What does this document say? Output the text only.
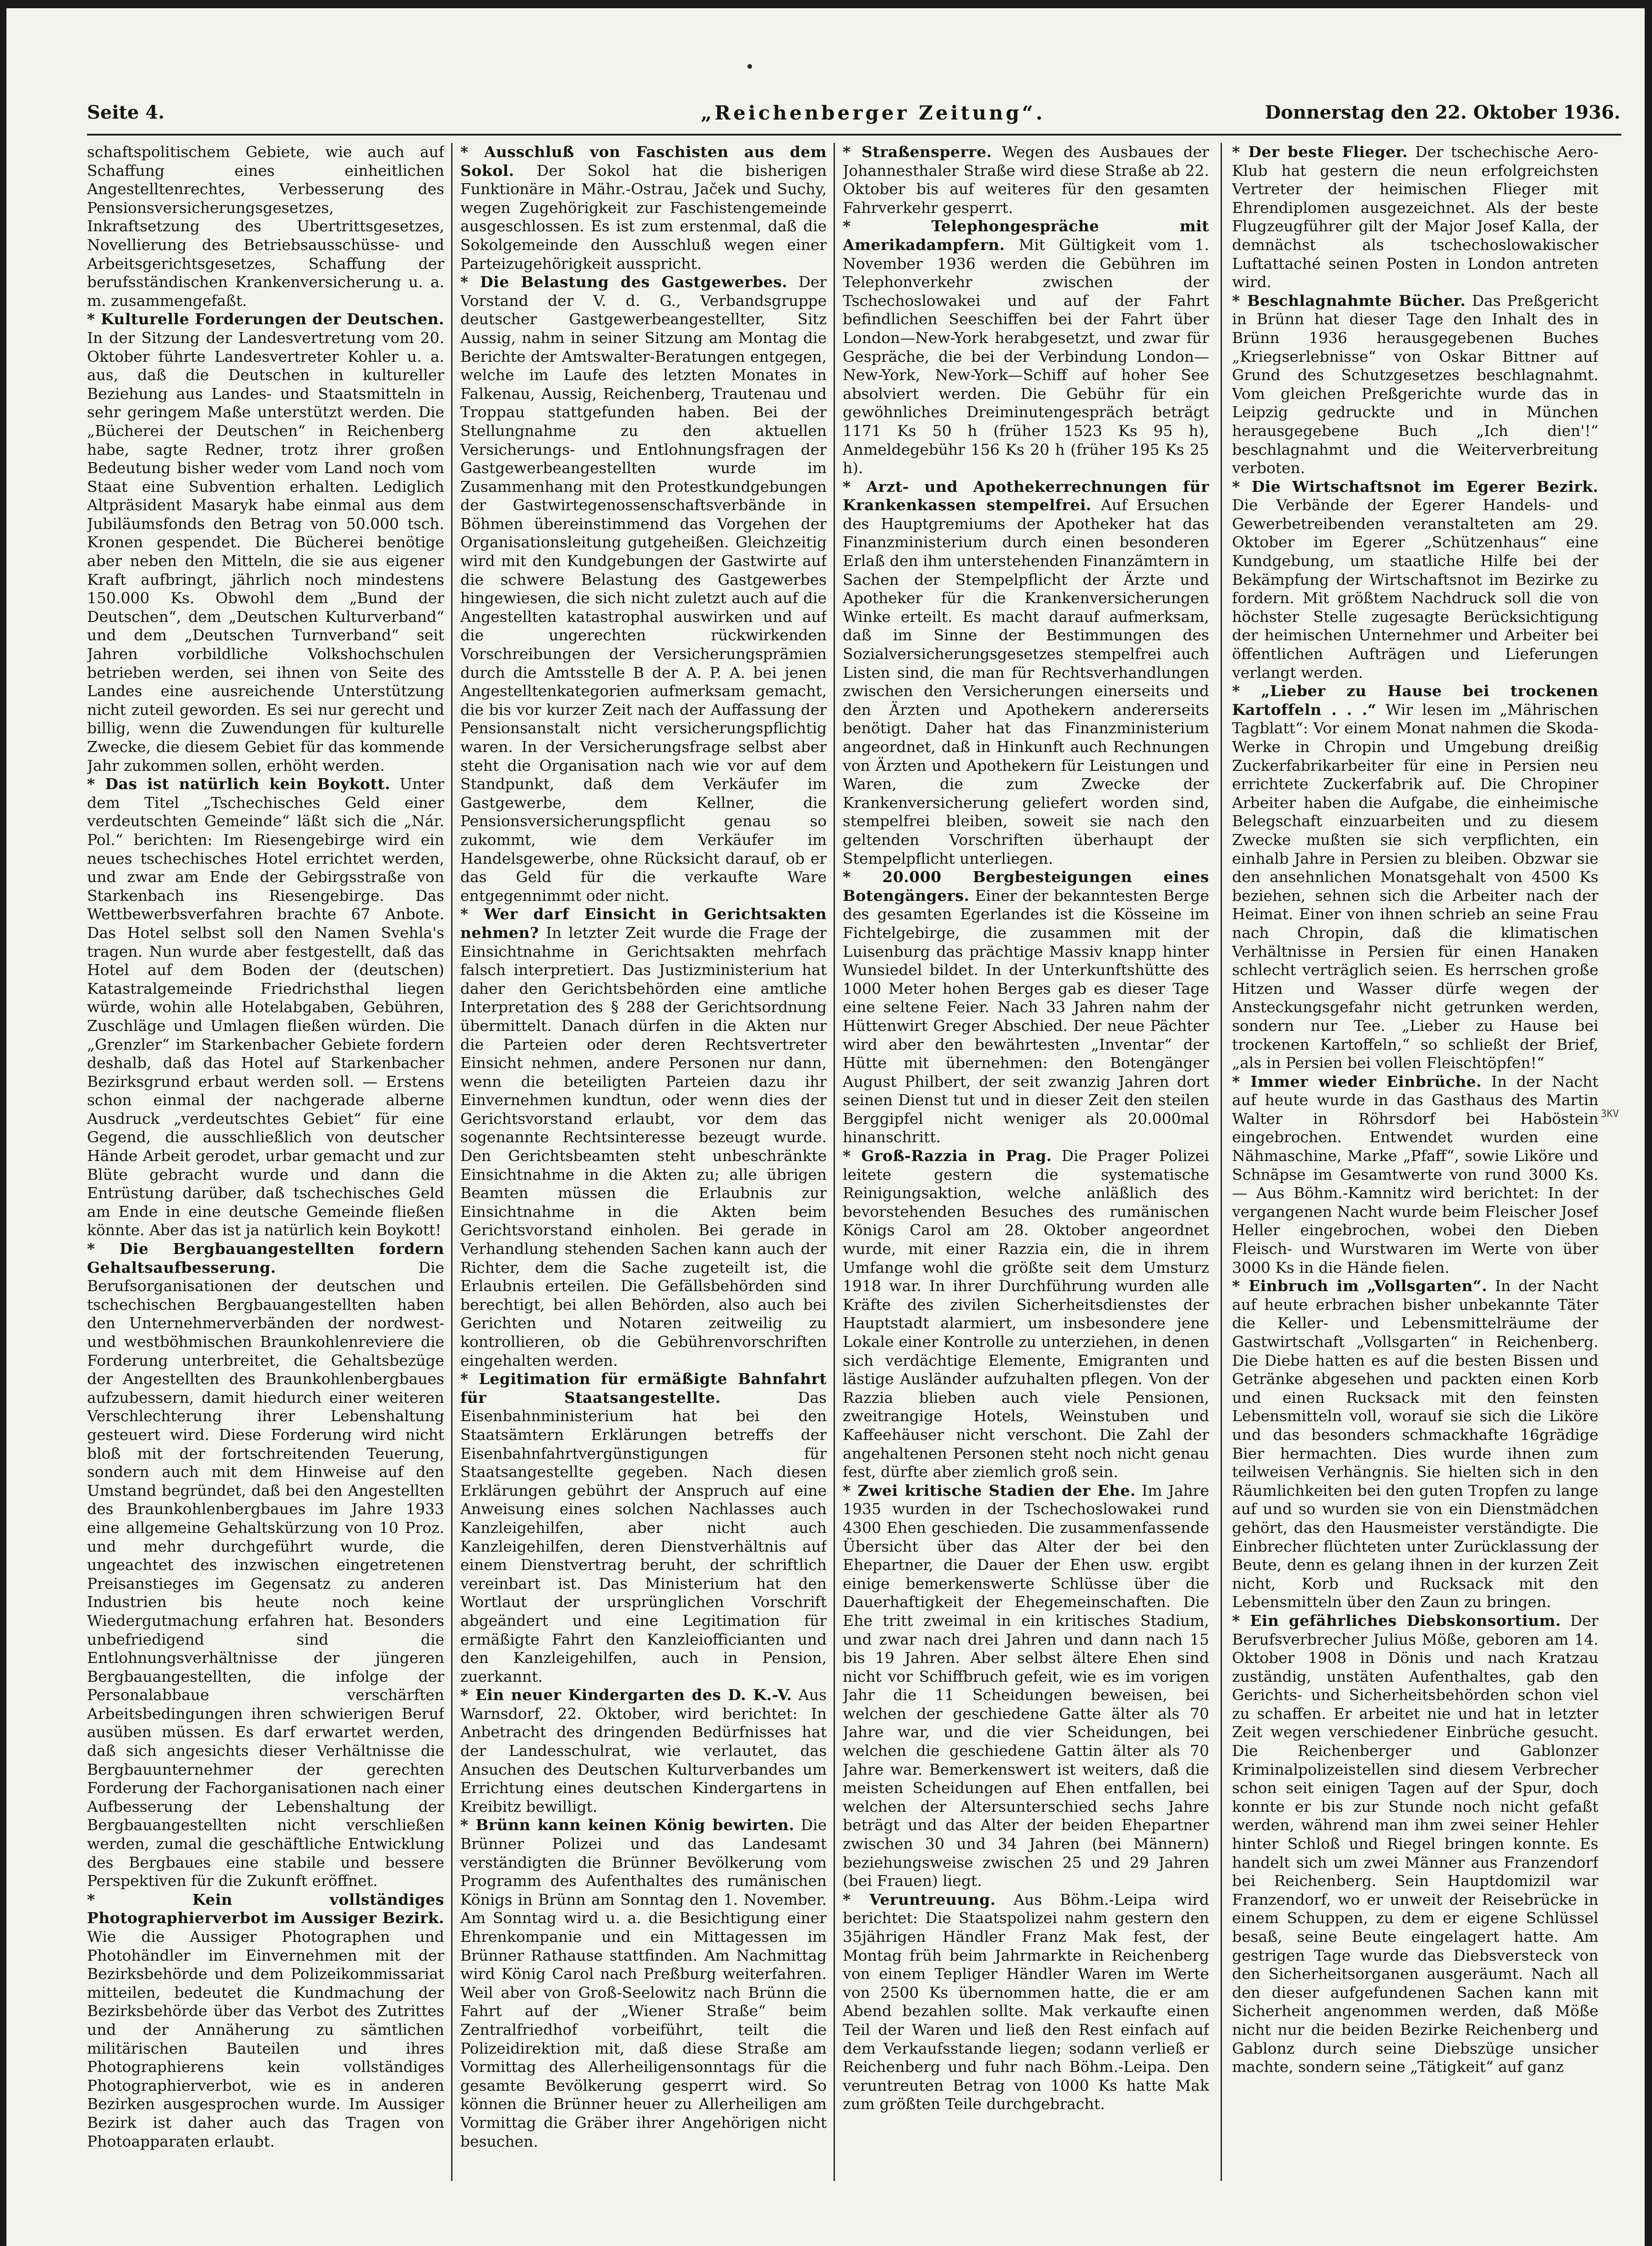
Seite 4.	„Reichenberger Zeitung“.	Donnerstag den 22. Oktober 1936.

schaftspolitischem Gebiete, wie auch auf Schaffung eines einheitlichen Angestelltenrechtes, Verbesserung des Pensionsversicherungsgesetzes, Inkraftsetzung des Ubertrittsgesetzes, Novellierung des Betriebsausschüsse- und Arbeitsgerichtsgesetzes, Schaffung der berufsständischen Krankenversicherung u. a. m. zusammengefaßt.

* Kulturelle Forderungen der Deutschen. In der Sitzung der Landesvertretung vom 20. Oktober führte Landesvertreter Kohler u. a. aus, daß die Deutschen in kultureller Beziehung aus Landes- und Staatsmitteln in sehr geringem Maße unterstützt werden. Die „Bücherei der Deutschen“ in Reichenberg habe, sagte Redner, trotz ihrer großen Bedeutung bisher weder vom Land noch vom Staat eine Subvention erhalten. Lediglich Altpräsident Masaryk habe einmal aus dem Jubiläumsfonds den Betrag von 50.000 tsch. Kronen gespendet. Die Bücherei benötige aber neben den Mitteln, die sie aus eigener Kraft aufbringt, jährlich noch mindestens 150.000 Ks. Obwohl dem „Bund der Deutschen“, dem „Deutschen Kulturverband“ und dem „Deutschen Turnverband“ seit Jahren vorbildliche Volkshochschulen betrieben werden, sei ihnen von Seite des Landes eine ausreichende Unterstützung nicht zuteil geworden. Es sei nur gerecht und billig, wenn die Zuwendungen für kulturelle Zwecke, die diesem Gebiet für das kommende Jahr zukommen sollen, erhöht werden.

* Das ist natürlich kein Boykott. Unter dem Titel „Tschechisches Geld einer verdeutschten Gemeinde“ läßt sich die „Nár. Pol.“ berichten: Im Riesengebirge wird ein neues tschechisches Hotel errichtet werden, und zwar am Ende der Gebirgsstraße von Starkenbach ins Riesengebirge. Das Wettbewerbsverfahren brachte 67 Anbote. Das Hotel selbst soll den Namen Svehla's tragen. Nun wurde aber festgestellt, daß das Hotel auf dem Boden der (deutschen) Katastralgemeinde Friedrichsthal liegen würde, wohin alle Hotelabgaben, Gebühren, Zuschläge und Umlagen fließen würden. Die „Grenzler“ im Starkenbacher Gebiete fordern deshalb, daß das Hotel auf Starkenbacher Bezirksgrund erbaut werden soll. — Erstens schon einmal der nachgerade alberne Ausdruck „verdeutschtes Gebiet“ für eine Gegend, die ausschließlich von deutscher Hände Arbeit gerodet, urbar gemacht und zur Blüte gebracht wurde und dann die Entrüstung darüber, daß tschechisches Geld am Ende in eine deutsche Gemeinde fließen könnte. Aber das ist ja natürlich kein Boykott!

* Die Bergbauangestellten fordern Gehaltsaufbesserung.	Die Berufsorganisationen der deutschen und tschechischen Bergbauangestellten haben den Unternehmerverbänden der nordwest- und westböhmischen Braunkohlenreviere die Forderung unterbreitet, die Gehaltsbezüge der Angestellten des Braunkohlenbergbaues aufzubessern, damit hiedurch einer weiteren Verschlechterung ihrer Lebenshaltung gesteuert wird. Diese Forderung wird nicht bloß mit der fortschreitenden Teuerung, sondern auch mit dem Hinweise auf den Umstand begründet, daß bei den Angestellten des Braunkohlenbergbaues im Jahre 1933 eine allgemeine Gehaltskürzung von 10 Proz. und mehr durchgeführt wurde, die ungeachtet des inzwischen eingetretenen Preisanstieges im Gegensatz zu anderen Industrien bis heute noch keine Wiedergutmachung erfahren hat. Besonders unbefriedigend sind die Entlohnungsverhältnisse der jüngeren Bergbauangestellten, die infolge der Personalabbaue verschärften Arbeitsbedingungen ihren schwierigen Beruf ausüben müssen. Es darf erwartet werden, daß sich angesichts dieser Verhältnisse die Bergbauunternehmer der gerechten Forderung der Fachorganisationen nach einer Aufbesserung der Lebenshaltung der Bergbauangestellten nicht verschließen werden, zumal die geschäftliche Entwicklung des Bergbaues eine stabile und bessere Perspektiven für die Zukunft eröffnet.

* Kein vollständiges Photographierverbot im Aussiger Bezirk. Wie die Aussiger Photographen und Photohändler im Einvernehmen mit der Bezirksbehörde und dem Polizeikommissariat mitteilen, bedeutet die Kundmachung der Bezirksbehörde über das Verbot des Zutrittes und der Annäherung zu sämtlichen militärischen Bauteilen und ihres Photographierens kein vollständiges Photographierverbot, wie es in anderen Bezirken ausgesprochen wurde. Im Aussiger Bezirk ist daher auch das Tragen von Photoapparaten erlaubt.

* Ausschluß von Faschisten aus dem Sokol. Der Sokol hat die bisherigen Funktionäre in Mähr.-Ostrau, Jaček und Suchy, wegen Zugehörigkeit zur Faschistengemeinde ausgeschlossen. Es ist zum erstenmal, daß die Sokolgemeinde den Ausschluß wegen einer Parteizugehörigkeit ausspricht.

* Die Belastung des Gastgewerbes. Der Vorstand der V. d. G., Verbandsgruppe deutscher Gastgewerbeangestellter, Sitz Aussig, nahm in seiner Sitzung am Montag die Berichte der Amtswalter-Beratungen entgegen, welche im Laufe des letzten Monates in Falkenau, Aussig, Reichenberg, Trautenau und Troppau stattgefunden haben. Bei der Stellungnahme zu den aktuellen Versicherungs- und Entlohnungsfragen der Gastgewerbeangestellten wurde im Zusammenhang mit den Protestkundgebungen der Gastwirtegenossenschaftsverbände in Böhmen übereinstimmend das Vorgehen der Organisationsleitung gutgeheißen. Gleichzeitig wird mit den Kundgebungen der Gastwirte auf die schwere Belastung des Gastgewerbes hingewiesen, die sich nicht zuletzt auch auf die Angestellten katastrophal auswirken und auf die ungerechten rückwirkenden Vorschreibungen der Versicherungsprämien durch die Amtsstelle B der A. P. A. bei jenen Angestelltenkategorien aufmerksam gemacht, die bis vor kurzer Zeit nach der Auffassung der Pensionsanstalt nicht versicherungspflichtig waren. In der Versicherungsfrage selbst aber steht die Organisation nach wie vor auf dem Standpunkt, daß dem Verkäufer im Gastgewerbe, dem Kellner, die Pensionsversicherungspflicht genau so zukommt, wie dem Verkäufer im Handelsgewerbe, ohne Rücksicht darauf, ob er das Geld für die verkaufte Ware entgegennimmt oder nicht.

* Wer darf Einsicht in Gerichtsakten nehmen? In letzter Zeit wurde die Frage der Einsichtnahme in Gerichtsakten mehrfach falsch interpretiert. Das Justizministerium hat daher den Gerichtsbehörden eine amtliche Interpretation des § 288 der Gerichtsordnung übermittelt. Danach dürfen in die Akten nur die Parteien oder deren Rechtsvertreter Einsicht nehmen, andere Personen nur dann, wenn die beteiligten Parteien dazu ihr Einvernehmen kundtun, oder wenn dies der Gerichtsvorstand erlaubt, vor dem das sogenannte Rechtsinteresse bezeugt wurde. Den Gerichtsbeamten steht unbeschränkte Einsichtnahme in die Akten zu; alle übrigen Beamten müssen die Erlaubnis zur Einsichtnahme in die Akten beim Gerichtsvorstand einholen. Bei gerade in Verhandlung stehenden Sachen kann auch der Richter, dem die Sache zugeteilt ist, die Erlaubnis erteilen. Die Gefällsbehörden sind berechtigt, bei allen Behörden, also auch bei Gerichten und Notaren zeitweilig zu kontrollieren, ob die Gebührenvorschriften eingehalten werden.

* Legitimation für ermäßigte Bahnfahrt für Staatsangestellte.	Das Eisenbahnministerium hat bei den Staatsämtern Erklärungen betreffs der Eisenbahnfahrtvergünstigungen für Staatsangestellte gegeben. Nach diesen Erklärungen gebührt der Anspruch auf eine Anweisung eines solchen Nachlasses auch Kanzleigehilfen, aber nicht auch Kanzleigehilfen, deren Dienstverhältnis auf einem Dienstvertrag beruht, der schriftlich vereinbart ist. Das Ministerium hat den Wortlaut der ursprünglichen Vorschrift abgeändert und eine Legitimation für ermäßigte Fahrt den Kanzleiofficianten und den Kanzleigehilfen, auch in Pension, zuerkannt.

* Ein neuer Kindergarten des D. K.-V. Aus Warnsdorf, 22. Oktober, wird berichtet: In Anbetracht des dringenden Bedürfnisses hat der Landesschulrat, wie verlautet, das Ansuchen des Deutschen Kulturverbandes um Errichtung eines deutschen Kindergartens in Kreibitz bewilligt.

* Brünn kann keinen König bewirten. Die Brünner Polizei und das Landesamt verständigten die Brünner Bevölkerung vom Programm des Aufenthaltes des rumänischen Königs in Brünn am Sonntag den 1. November. Am Sonntag wird u. a. die Besichtigung einer Ehrenkompanie und ein Mittagessen im Brünner Rathause stattfinden. Am Nachmittag wird König Carol nach Preßburg weiterfahren. Weil aber von Groß-Seelowitz nach Brünn die Fahrt auf der „Wiener Straße“ beim Zentralfriedhof vorbeiführt, teilt die Polizeidirektion mit, daß diese Straße am Vormittag des Allerheiligensonntags für die gesamte Bevölkerung gesperrt wird. So können die Brünner heuer zu Allerheiligen am Vormittag die Gräber ihrer Angehörigen nicht besuchen.

* Straßensperre. Wegen des Ausbaues der Johannesthaler Straße wird diese Straße ab 22. Oktober bis auf weiteres für den gesamten Fahrverkehr gesperrt.

* Telephongespräche mit Amerikadampfern. Mit Gültigkeit vom 1. November 1936 werden die Gebühren im Telephonverkehr zwischen der Tschechoslowakei und auf der Fahrt befindlichen Seeschiffen bei der Fahrt über London—New-York herabgesetzt, und zwar für Gespräche, die bei der Verbindung London—New-York, New-York—Schiff auf hoher See absolviert werden. Die Gebühr für ein gewöhnliches Dreiminutengespräch beträgt 1171 Ks 50 h (früher 1523 Ks 95 h), Anmeldegebühr 156 Ks 20 h (früher 195 Ks 25 h).

* Arzt- und Apothekerrechnungen für Krankenkassen stempelfrei. Auf Ersuchen des Hauptgremiums der Apotheker hat das Finanzministerium durch einen besonderen Erlaß den ihm unterstehenden Finanzämtern in Sachen der Stempelpflicht der Ärzte und Apotheker für die Krankenversicherungen Winke erteilt. Es macht darauf aufmerksam, daß im Sinne der Bestimmungen des Sozialversicherungsgesetzes stempelfrei auch Listen sind, die man für Rechtsverhandlungen zwischen den Versicherungen einerseits und den Ärzten und Apothekern andererseits benötigt. Daher hat das Finanzministerium angeordnet, daß in Hinkunft auch Rechnungen von Ärzten und Apothekern für Leistungen und Waren, die zum Zwecke der Krankenversicherung geliefert worden sind, stempelfrei bleiben, soweit sie nach den geltenden Vorschriften überhaupt der Stempelpflicht unterliegen.

* 20.000 Bergbesteigungen eines Botengängers. Einer der bekanntesten Berge des gesamten Egerlandes ist die Kösseine im Fichtelgebirge, die zusammen mit der Luisenburg das prächtige Massiv knapp hinter Wunsiedel bildet. In der Unterkunftshütte des 1000 Meter hohen Berges gab es dieser Tage eine seltene Feier. Nach 33 Jahren nahm der Hüttenwirt Greger Abschied. Der neue Pächter wird aber den bewährtesten „Inventar“ der Hütte mit übernehmen: den Botengänger August Philbert, der seit zwanzig Jahren dort seinen Dienst tut und in dieser Zeit den steilen Berggipfel nicht weniger als 20.000mal hinanschritt.

* Groß-Razzia in Prag. Die Prager Polizei leitete gestern die systematische Reinigungsaktion, welche anläßlich des bevorstehenden Besuches des rumänischen Königs Carol am 28. Oktober angeordnet wurde, mit einer Razzia ein, die in ihrem Umfange wohl die größte seit dem Umsturz 1918 war. In ihrer Durchführung wurden alle Kräfte des zivilen Sicherheitsdienstes der Hauptstadt alarmiert, um insbesondere jene Lokale einer Kontrolle zu unterziehen, in denen sich verdächtige Elemente, Emigranten und lästige Ausländer aufzuhalten pflegen. Von der Razzia blieben auch viele Pensionen, zweitrangige Hotels, Weinstuben und Kaffeehäuser nicht verschont. Die Zahl der angehaltenen Personen steht noch nicht genau fest, dürfte aber ziemlich groß sein.

* Zwei kritische Stadien der Ehe. Im Jahre 1935 wurden in der Tschechoslowakei rund 4300 Ehen geschieden. Die zusammenfassende Übersicht über das Alter der bei den Ehepartner, die Dauer der Ehen usw. ergibt einige bemerkenswerte Schlüsse über die Dauerhaftigkeit der Ehegemeinschaften. Die Ehe tritt zweimal in ein kritisches Stadium, und zwar nach drei Jahren und dann nach 15 bis 19 Jahren. Aber selbst ältere Ehen sind nicht vor Schiffbruch gefeit, wie es im vorigen Jahr die 11 Scheidungen beweisen, bei welchen der geschiedene Gatte älter als 70 Jahre war, und die vier Scheidungen, bei welchen die geschiedene Gattin älter als 70 Jahre war. Bemerkenswert ist weiters, daß die meisten Scheidungen auf Ehen entfallen, bei welchen der Altersunterschied sechs Jahre beträgt und das Alter der beiden Ehepartner zwischen 30 und 34 Jahren (bei Männern) beziehungsweise zwischen 25 und 29 Jahren (bei Frauen) liegt.

* Veruntreuung. Aus Böhm.-Leipa wird berichtet: Die Staatspolizei nahm gestern den 35jährigen Händler Franz Mak fest, der Montag früh beim Jahrmarkte in Reichenberg von einem Tepliger Händler Waren im Werte von 2500 Ks übernommen hatte, die er am Abend bezahlen sollte. Mak verkaufte einen Teil der Waren und ließ den Rest einfach auf dem Verkaufsstande liegen; sodann verließ er Reichenberg und fuhr nach Böhm.-Leipa. Den veruntreuten Betrag von 1000 Ks hatte Mak zum größten Teile durchgebracht.

* Der beste Flieger. Der tschechische Aero-Klub hat gestern die neun erfolgreichsten Vertreter der heimischen Flieger mit Ehrendiplomen ausgezeichnet. Als der beste Flugzeugführer gilt der Major Josef Kalla, der demnächst als tschechoslowakischer Luftattaché seinen Posten in London antreten wird.

* Beschlagnahmte Bücher. Das Preßgericht in Brünn hat dieser Tage den Inhalt des in Brünn 1936 herausgegebenen Buches „Kriegserlebnisse“ von Oskar Bittner auf Grund des Schutzgesetzes beschlagnahmt. Vom gleichen Preßgerichte wurde das in Leipzig gedruckte und in München herausgegebene Buch „Ich dien'!“ beschlagnahmt und die Weiterverbreitung verboten.

* Die Wirtschaftsnot im Egerer Bezirk. Die Verbände der Egerer Handels- und Gewerbetreibenden veranstalteten am 29. Oktober im Egerer „Schützenhaus“ eine Kundgebung, um staatliche Hilfe bei der Bekämpfung der Wirtschaftsnot im Bezirke zu fordern. Mit größtem Nachdruck soll die von höchster Stelle zugesagte Berücksichtigung der heimischen Unternehmer und Arbeiter bei öffentlichen Aufträgen und Lieferungen verlangt werden.

* „Lieber zu Hause bei trockenen Kartoffeln . . .“ Wir lesen im „Mährischen Tagblatt“: Vor einem Monat nahmen die Skoda-Werke in Chropin und Umgebung dreißig Zuckerfabrikarbeiter für eine in Persien neu errichtete Zuckerfabrik auf. Die Chropiner Arbeiter haben die Aufgabe, die einheimische Belegschaft einzuarbeiten und zu diesem Zwecke mußten sie sich verpflichten, ein einhalb Jahre in Persien zu bleiben. Obzwar sie den ansehnlichen Monatsgehalt von 4500 Ks beziehen, sehnen sich die Arbeiter nach der Heimat. Einer von ihnen schrieb an seine Frau nach Chropin, daß die klimatischen Verhältnisse in Persien für einen Hanaken schlecht verträglich seien. Es herrschen große Hitzen und Wasser dürfe wegen der Ansteckungsgefahr nicht getrunken werden, sondern nur Tee. „Lieber zu Hause bei trockenen Kartoffeln,“ so schließt der Brief, „als in Persien bei vollen Fleischtöpfen!“

* Immer wieder Einbrüche. In der Nacht auf heute wurde in das Gasthaus des Martin Walter in Röhrsdorf bei Haböstein eingebrochen. Entwendet wurden eine Nähmaschine, Marke „Pfaff“, sowie Liköre und Schnäpse im Gesamtwerte von rund 3000 Ks. — Aus Böhm.-Kamnitz wird berichtet: In der vergangenen Nacht wurde beim Fleischer Josef Heller eingebrochen, wobei den Dieben Fleisch- und Wurstwaren im Werte von über 3000 Ks in die Hände fielen.

* Einbruch im „Vollsgarten“. In der Nacht auf heute erbrachen bisher unbekannte Täter die Keller- und Lebensmittelräume der Gastwirtschaft „Vollsgarten“ in Reichenberg. Die Diebe hatten es auf die besten Bissen und Getränke abgesehen und packten einen Korb und einen Rucksack mit den feinsten Lebensmitteln voll, worauf sie sich die Liköre und das besonders schmackhafte 16grädige Bier hermachten. Dies wurde ihnen zum teilweisen Verhängnis. Sie hielten sich in den Räumlichkeiten bei den guten Tropfen zu lange auf und so wurden sie von ein Dienstmädchen gehört, das den Hausmeister verständigte. Die Einbrecher flüchteten unter Zurücklassung der Beute, denn es gelang ihnen in der kurzen Zeit nicht, Korb und Rucksack mit den Lebensmitteln über den Zaun zu bringen.

* Ein gefährliches Diebskonsortium. Der Berufsverbrecher Julius Möße, geboren am 14. Oktober 1908 in Dönis und nach Kratzau zuständig, unstäten Aufenthaltes, gab den Gerichts- und Sicherheitsbehörden schon viel zu schaffen. Er arbeitet nie und hat in letzter Zeit wegen verschiedener Einbrüche gesucht. Die Reichenberger und Gablonzer Kriminalpolizeistellen sind diesem Verbrecher schon seit einigen Tagen auf der Spur, doch konnte er bis zur Stunde noch nicht gefaßt werden, während man ihm zwei seiner Hehler hinter Schloß und Riegel bringen konnte. Es handelt sich um zwei Männer aus Franzendorf bei Reichenberg. Sein Hauptdomizil war Franzendorf, wo er unweit der Reisebrücke in einem Schuppen, zu dem er eigene Schlüssel besaß, seine Beute eingelagert hatte. Am gestrigen Tage wurde das Diebsversteck von den Sicherheitsorganen ausgeräumt. Nach all den dieser aufgefundenen Sachen kann mit Sicherheit angenommen werden, daß Möße nicht nur die beiden Bezirke Reichenberg und Gablonz durch seine Diebszüge unsicher machte, sondern seine „Tätigkeit“ auf ganz

3KV
